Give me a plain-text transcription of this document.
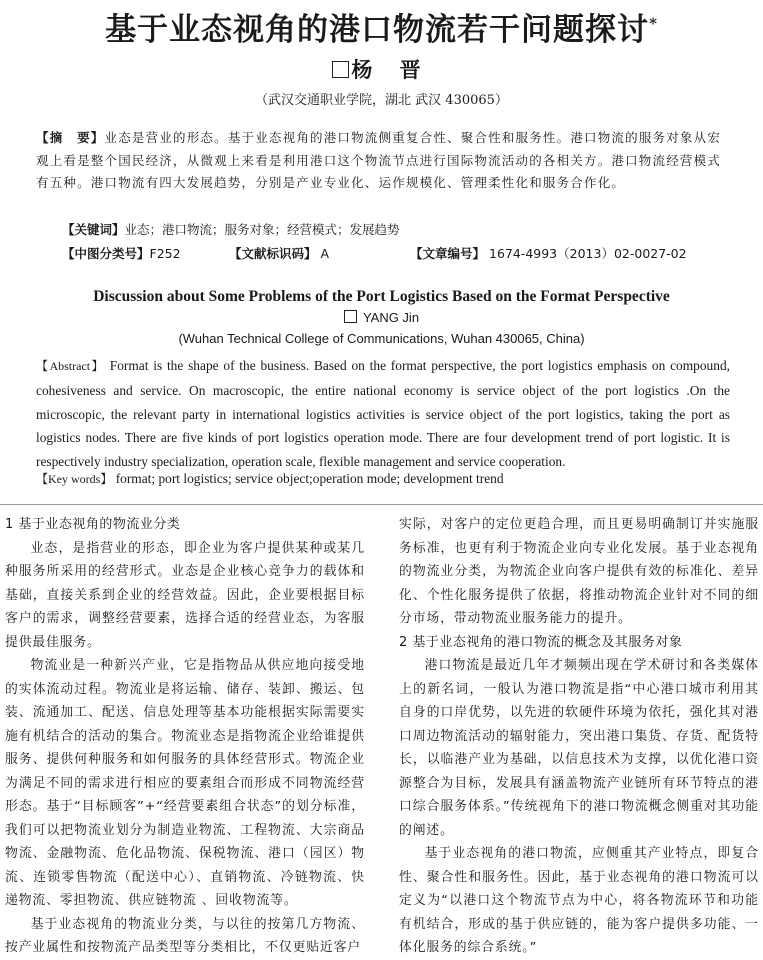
基于业态视角的港口物流若干问题探讨*
杨 晋
（武汉交通职业学院，湖北 武汉 430065）
【摘　要】业态是营业的形态。基于业态视角的港口物流侧重复合性、聚合性和服务性。港口物流的服务对象从宏观上看是整个国民经济，从微观上来看是利用港口这个物流节点进行国际物流活动的各相关方。港口物流经营模式有五种。港口物流有四大发展趋势，分别是产业专业化、运作规模化、管理柔性化和服务合作化。
【关键词】业态；港口物流；服务对象；经营模式；发展趋势
【中图分类号】F252	【文献标识码】 A	【文章编号】 1674-4993（2013）02-0027-02
Discussion about Some Problems of the Port Logistics Based on the Format Perspective
YANG Jin
(Wuhan Technical College of Communications, Wuhan 430065, China)
【Abstract】 Format is the shape of the business. Based on the format perspective, the port logistics emphasis on compound, cohesiveness and service. On macroscopic, the entire national economy is service object of the port logistics .On the microscopic, the relevant party in international logistics activities is service object of the port logistics, taking the port as logistics nodes. There are five kinds of port logistics operation mode. There are four development trend of port logistic. It is respectively industry specialization, operation scale, flexible management and service cooperation.
【Key words】 format; port logistics; service object;operation mode; development trend
1 基于业态视角的物流业分类

业态，是指营业的形态，即企业为客户提供某种或某几种服务所采用的经营形式。业态是企业核心竞争力的载体和基础，直接关系到企业的经营效益。因此，企业要根据目标客户的需求，调整经营要素，选择合适的经营业态，为客服提供最佳服务。

物流业是一种新兴产业，它是指物品从供应地向接受地的实体流动过程。物流业是将运输、储存、装卸、搬运、包装、流通加工、配送、信息处理等基本功能根据实际需要实施有机结合的活动的集合。物流业态是指物流企业给谁提供服务、提供何种服务和如何服务的具体经营形式。物流企业为满足不同的需求进行相应的要素组合而形成不同物流经营形态。基于“目标顾客”+“经营要素组合状态”的划分标准，我们可以把物流业划分为制造业物流、工程物流、大宗商品物流、金融物流、危化品物流、保税物流、港口（园区）物流、连锁零售物流（配送中心）、直销物流、冷链物流、快递物流、零担物流、供应链物流 、回收物流等。

基于业态视角的物流业分类，与以往的按第几方物流、按产业属性和按物流产品类型等分类相比，不仅更贴近客户

实际，对客户的定位更趋合理，而且更易明确制订并实施服务标准，也更有利于物流企业向专业化发展。基于业态视角的物流业分类，为物流企业向客户提供有效的标准化、差异化、个性化服务提供了依据，将推动物流企业针对不同的细分市场，带动物流业服务能力的提升。

2 基于业态视角的港口物流的概念及其服务对象

港口物流是最近几年才频频出现在学术研讨和各类媒体上的新名词，一般认为港口物流是指“中心港口城市利用其自身的口岸优势，以先进的软硬件环境为依托，强化其对港口周边物流活动的辐射能力，突出港口集货、存货、配货特长，以临港产业为基础，以信息技术为支撑，以优化港口资源整合为目标，发展具有涵盖物流产业链所有环节特点的港口综合服务体系。”传统视角下的港口物流概念侧重对其功能的阐述。

基于业态视角的港口物流，应侧重其产业特点，即复合性、聚合性和服务性。因此，基于业态视角的港口物流可以定义为“以港口这个物流节点为中心，将各物流环节和功能有机结合，形成的基于供应链的，能为客户提供多功能、一体化服务的综合系统。”
